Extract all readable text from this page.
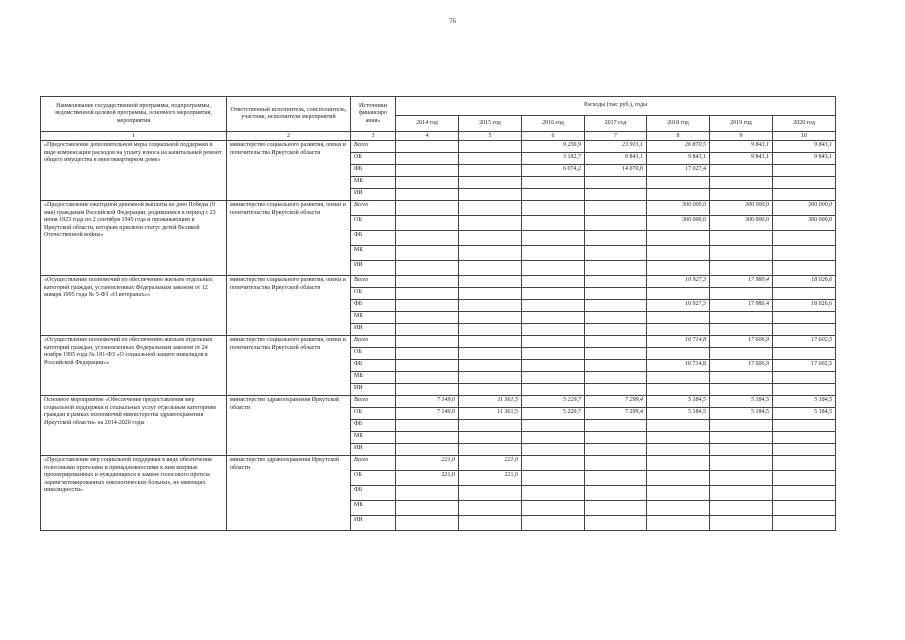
76
Наименование государственной программы, подпрограммы, ведомственной целевой программы, основного мероприятия, мероприятия	Ответственный исполнитель, соисполнитель, участник, исполнители мероприятий	Источники финансиро ания»	Расходы (тыс руб.), годы						
			2014 год	2015 год	2016 год	2017 год	2018 год	2019 год	2020 год
1	2	3	4	5	6	7	8	9	10
«Предоставление дополнительной меры социальной поддержки в виде компенсации расходов на уплату взноса на капитальный ремонт общего имущества в многоквартирном доме»	министерство социального развития, опеки и попечительства Иркутской области	Всего			9 256,9	23 913,1	26 870,5	9 843,1	9 843,1
		ОБ			3 182,7	9 843,1	9 843,1	9 843,1	9 843,1
		ФБ			6 074,2	14 070,0	17 027,4		
		МБ							
		ИИ							
«Предоставление ежегодной денежной выплаты ко дню Победы (9 мая) гражданам Российской Федерации, родившимся в период с 23 июня 1923 года по 2 сентября 1945 года и проживающим в Иркутской области, которым присвоен статус детей Великой Отечественной войны»	министерство социального развития, опеки и попечительства Иркутской области	Всего					300 000,0	300 000,0	300 000,0
		ОБ					300 000,0	300 000,0	300 000,0
		ФБ							
		МБ							
		ИИ							
«Осуществление полномочий по обеспечению жильем отдельных категорий граждан, установленных Федеральным законом от 12 января 1995 года № 5-ФЗ «О ветеранах»»	министерство социального развития, опеки и попечительства Иркутской области	Всего					10 927,3	17 980,4	18 026,6
		ОБ							
		ФБ					10 927,3	17 980,4	18 026,6
		МБ							
		ИИ							
«Осуществление полномочий по обеспечению жильем отдельных категорий граждан, установленных Федеральным законом от 24 ноября 1995 года № 181-ФЗ «О социальной защите инвалидов в Российской Федерации»»	министерство социального развития, опеки и попечительства Иркутской области	Всего					10 714,8	17 606,9	17 602,5
		ОБ							
		ФБ					10 714,8	17 606,9	17 602,5
		МБ							
		ИИ							
Основное мероприятие «Обеспечение предоставления мер социальной поддержки и социальных услуг отдельным категориям граждан в рамках полномочий министерства здравоохранения Иркутской области» на 2014-2020 годы	министерство здравоохранения Иркутской области	Всего	7 149,0	11 361,5	5 229,7	7 299,4	5 184,5	5 184,5	5 184,5
		ОБ	7 149,0	11 361,5	5 229,7	7 299,4	5 184,5	5 184,5	5 184,5
		ФБ							
		МБ							
		ИИ							
«Предоставление мер социальной поддержки в виде обеспечения голосовыми протезами и принадлежностями к ним впервые прооперированных и нуждающихся в замене голосового протеза ларингэктомированных онкологических больных, не имеющих инвалидности»	министерство здравоохранения Иркутской области	Всего	221,0	221,0					
		ОБ	221,0	221,0					
		ФБ							
		МБ							
		ИИ							
